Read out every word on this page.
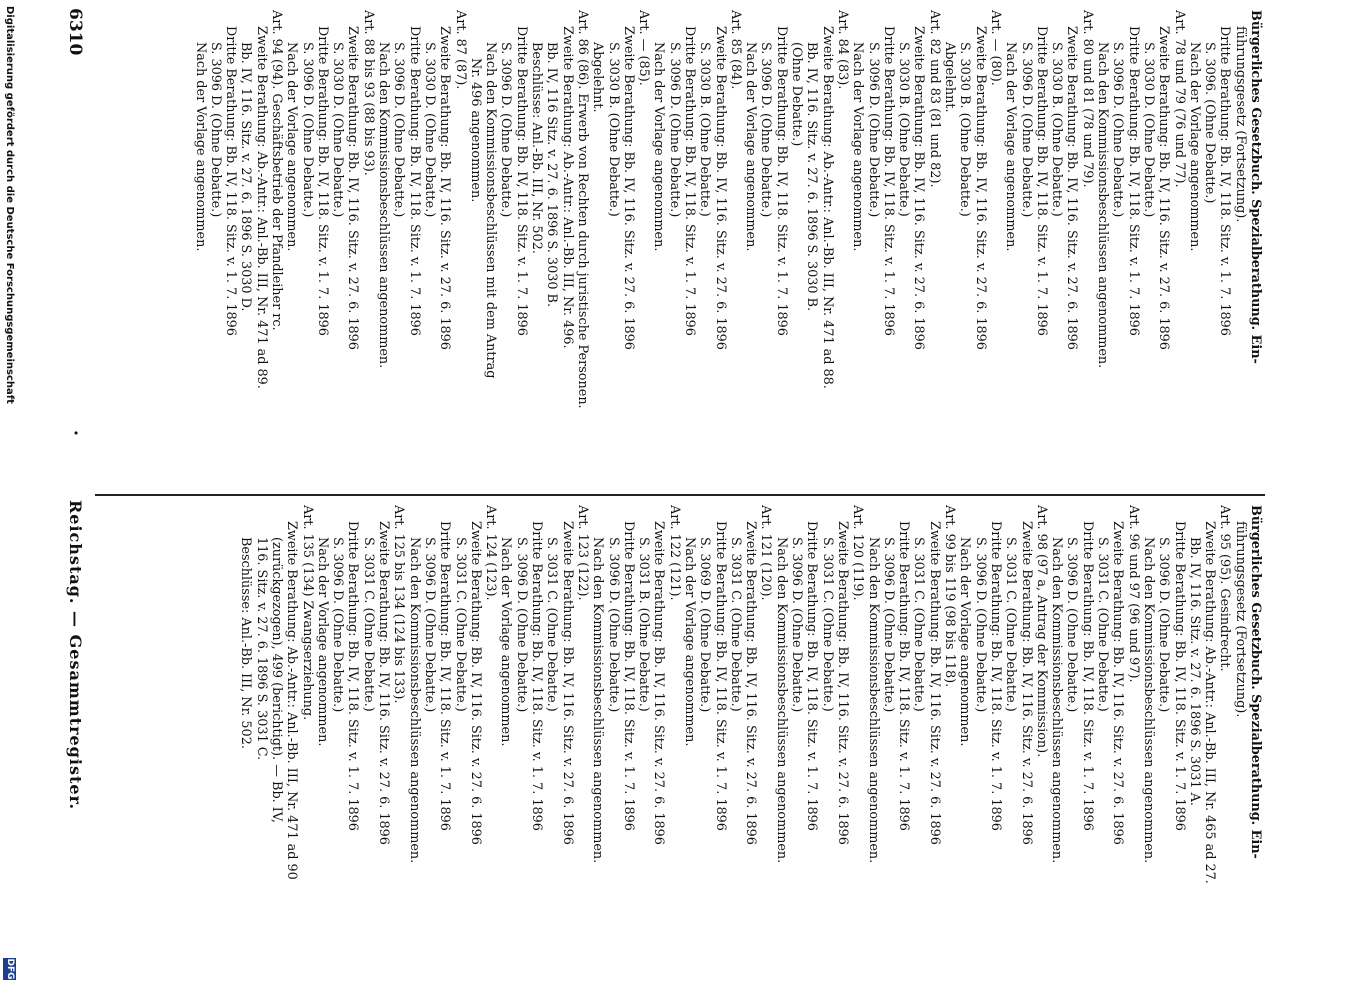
6310
·
Reichstag. — Gesammtregister.
Bürgerliches Gesetzbuch. Spezialberathung. Ein-
führungsgesetz (Fortsetzung).
Dritte Berathung: Bb. IV, 118. Sitz. v. 1. 7. 1896
S. 3096. (Ohne Debatte.)
Nach der Vorlage angenommen.
Art. 78 und 79 (76 und 77).
Zweite Berathung: Bb. IV, 116. Sitz. v. 27. 6. 1896
S. 3030 D. (Ohne Debatte.)
Dritte Berathung: Bb. IV, 118. Sitz. v. 1. 7. 1896
S. 3096 D. (Ohne Debatte.)
Nach den Kommissionsbeschlüssen angenommen.
Art. 80 und 81 (78 und 79).
Zweite Berathung: Bb. IV, 116. Sitz. v. 27. 6. 1896
S. 3030 B. (Ohne Debatte.)
Dritte Berathung: Bb. IV, 118. Sitz. v. 1. 7. 1896
S. 3096 D. (Ohne Debatte.)
Nach der Vorlage angenommen.
Art. — (80).
Zweite Berathung: Bb. IV, 116. Sitz. v. 27. 6. 1896
S. 3030 B. (Ohne Debatte.)
Abgelehnt.
Art. 82 und 83 (81 und 82).
Zweite Berathung: Bb. IV, 116. Sitz. v. 27. 6. 1896
S. 3030 B. (Ohne Debatte.)
Dritte Berathung: Bb. IV, 118. Sitz. v. 1. 7. 1896
S. 3096 D. (Ohne Debatte.)
Nach der Vorlage angenommen.
Art. 84 (83).
Zweite Berathung: Ab.-Antr.: Anl.-Bb. III, Nr. 471 ad 88.
Bb. IV, 116. Sitz. v. 27. 6. 1896 S. 3030 B.
(Ohne Debatte.)
Dritte Berathung: Bb. IV, 118. Sitz. v. 1. 7. 1896
S. 3096 D. (Ohne Debatte.)
Nach der Vorlage angenommen.
Art. 85 (84).
Zweite Berathung: Bb. IV, 116. Sitz. v. 27. 6. 1896
S. 3030 B. (Ohne Debatte.)
Dritte Berathung: Bb. IV, 118. Sitz. v. 1. 7. 1896
S. 3096 D. (Ohne Debatte.)
Nach der Vorlage angenommen.
Art. — (85).
Zweite Berathung: Bb. IV, 116. Sitz. v. 27. 6. 1896
S. 3030 B. (Ohne Debatte.)
Abgelehnt.
Art. 86 (86). Erwerb von Rechten durch juristische Personen.
Zweite Berathung: Ab.-Antr.: Anl.-Bb. III, Nr. 496.
Bb. IV, 116 Sitz. v. 27. 6. 1896 S. 3030 B.
Beschlüsse: Anl.-Bb. III, Nr. 502.
Dritte Berathung: Bb. IV, 118. Sitz. v. 1. 7. 1896
S. 3096 D. (Ohne Debatte.)
Nach den Kommissionsbeschlüssen mit dem Antrag
Nr. 496 angenommen.
Art. 87 (87).
Zweite Berathung: Bb. IV, 116. Sitz. v. 27. 6. 1896
S. 3030 D. (Ohne Debatte.)
Dritte Berathung: Bb. IV, 118. Sitz. v. 1. 7. 1896
S. 3096 D. (Ohne Debatte.)
Nach den Kommissionsbeschlüssen angenommen.
Art. 88 bis 93 (88 bis 93).
Zweite Berathung: Bb. IV, 116. Sitz. v. 27. 6. 1896
S. 3030 D. (Ohne Debatte.)
Dritte Berathung: Bb. IV, 118. Sitz. v. 1. 7. 1896
S. 3096 D. (Ohne Debatte.)
Nach der Vorlage angenommen.
Art. 94 (94). Geschäftsbetrieb der Pfandleiher rc.
Zweite Berathung: Ab.-Antr.: Anl.-Bb. III, Nr. 471 ad 89.
Bb. IV, 116. Sitz. v. 27. 6. 1896 S. 3030 D.
Dritte Berathung: Bb. IV, 118. Sitz. v. 1. 7. 1896
S. 3096 D. (Ohne Debatte.)
Nach der Vorlage angenommen.
Bürgerliches Gesetzbuch. Spezialberathung. Ein-
führungsgesetz (Fortsetzung).
Art. 95 (95). Gesindrecht.
Zweite Berathung: Ab.-Antr.: Anl.-Bb. III, Nr. 465 ad 27.
Bb. IV, 116. Sitz. v. 27. 6. 1896 S. 3031 A.
Dritte Berathung: Bb. IV, 118. Sitz. v. 1. 7. 1896
S. 3096 D. (Ohne Debatte.)
Nach den Kommissionsbeschlüssen angenommen.
Art. 96 und 97 (96 und 97).
Zweite Berathung: Bb. IV, 116. Sitz. v. 27. 6. 1896
S. 3031 C. (Ohne Debatte.)
Dritte Berathung: Bb. IV, 118. Sitz. v. 1. 7. 1896
S. 3096 D. (Ohne Debatte.)
Nach den Kommissionsbeschlüssen angenommen.
Art. 98 (97 a, Antrag der Kommission).
Zweite Berathung: Bb. IV, 116. Sitz. v. 27. 6. 1896
S. 3031 C. (Ohne Debatte.)
Dritte Berathung: Bb. IV, 118. Sitz. v. 1. 7. 1896
S. 3096 D. (Ohne Debatte.)
Nach der Vorlage angenommen.
Art. 99 bis 119 (98 bis 118).
Zweite Berathung: Bb. IV, 116. Sitz. v. 27. 6. 1896
S. 3031 C. (Ohne Debatte.)
Dritte Berathung: Bb. IV, 118. Sitz. v. 1. 7. 1896
S. 3096 D. (Ohne Debatte.)
Nach den Kommissionsbeschlüssen angenommen.
Art. 120 (119).
Zweite Berathung: Bb. IV, 116. Sitz. v. 27. 6. 1896
S. 3031 C. (Ohne Debatte.)
Dritte Berathung: Bb. IV, 118. Sitz. v. 1. 7. 1896
S. 3096 D. (Ohne Debatte.)
Nach den Kommissionsbeschlüssen angenommen.
Art. 121 (120).
Zweite Berathung: Bb. IV, 116. Sitz. v. 27. 6. 1896
S. 3031 C. (Ohne Debatte.)
Dritte Berathung: Bb. IV, 118. Sitz. v. 1. 7. 1896
S. 3069 D. (Ohne Debatte.)
Nach der Vorlage angenommen.
Art. 122 (121).
Zweite Berathung: Bb. IV, 116. Sitz. v. 27. 6. 1896
S. 3031 B. (Ohne Debatte.)
Dritte Berathung: Bb. IV, 118. Sitz. v. 1. 7. 1896
S. 3096 D. (Ohne Debatte.)
Nach den Kommissionsbeschlüssen angenommen.
Art. 123 (122).
Zweite Berathung: Bb. IV, 116. Sitz. v. 27. 6. 1896
S. 3031 C. (Ohne Debatte.)
Dritte Berathung: Bb. IV, 118. Sitz. v. 1. 7. 1896
S. 3096 D. (Ohne Debatte.)
Nach der Vorlage angenommen.
Art. 124 (123).
Zweite Berathung: Bb. IV, 116. Sitz. v. 27. 6. 1896
S. 3031 C. (Ohne Debatte.)
Dritte Berathung: Bb. IV, 118. Sitz. v. 1. 7. 1896
S. 3096 D. (Ohne Debatte.)
Nach den Kommissionsbeschlüssen angenommen.
Art. 125 bis 134 (124 bis 133).
Zweite Berathung: Bb. IV, 116. Sitz. v. 27. 6. 1896
S. 3031 C. (Ohne Debatte.)
Dritte Berathung: Bb. IV, 118. Sitz. v. 1. 7. 1896
S. 3096 D. (Ohne Debatte.)
Nach der Vorlage angenommen.
Art. 135 (134) Zwangserziehung.
Zweite Berathung: Ab.-Antr.: Anl.-Bb. III, Nr. 471 ad 90
(zurückgezogen), 499 (berichtigt). — Bb. IV,
116. Sitz. v. 27. 6. 1896 S. 3031 C.
Beschlüsse: Anl.-Bb. III, Nr. 502.
Digitalisierung gefördert durch die Deutsche Forschungsgemeinschaft
DFG
